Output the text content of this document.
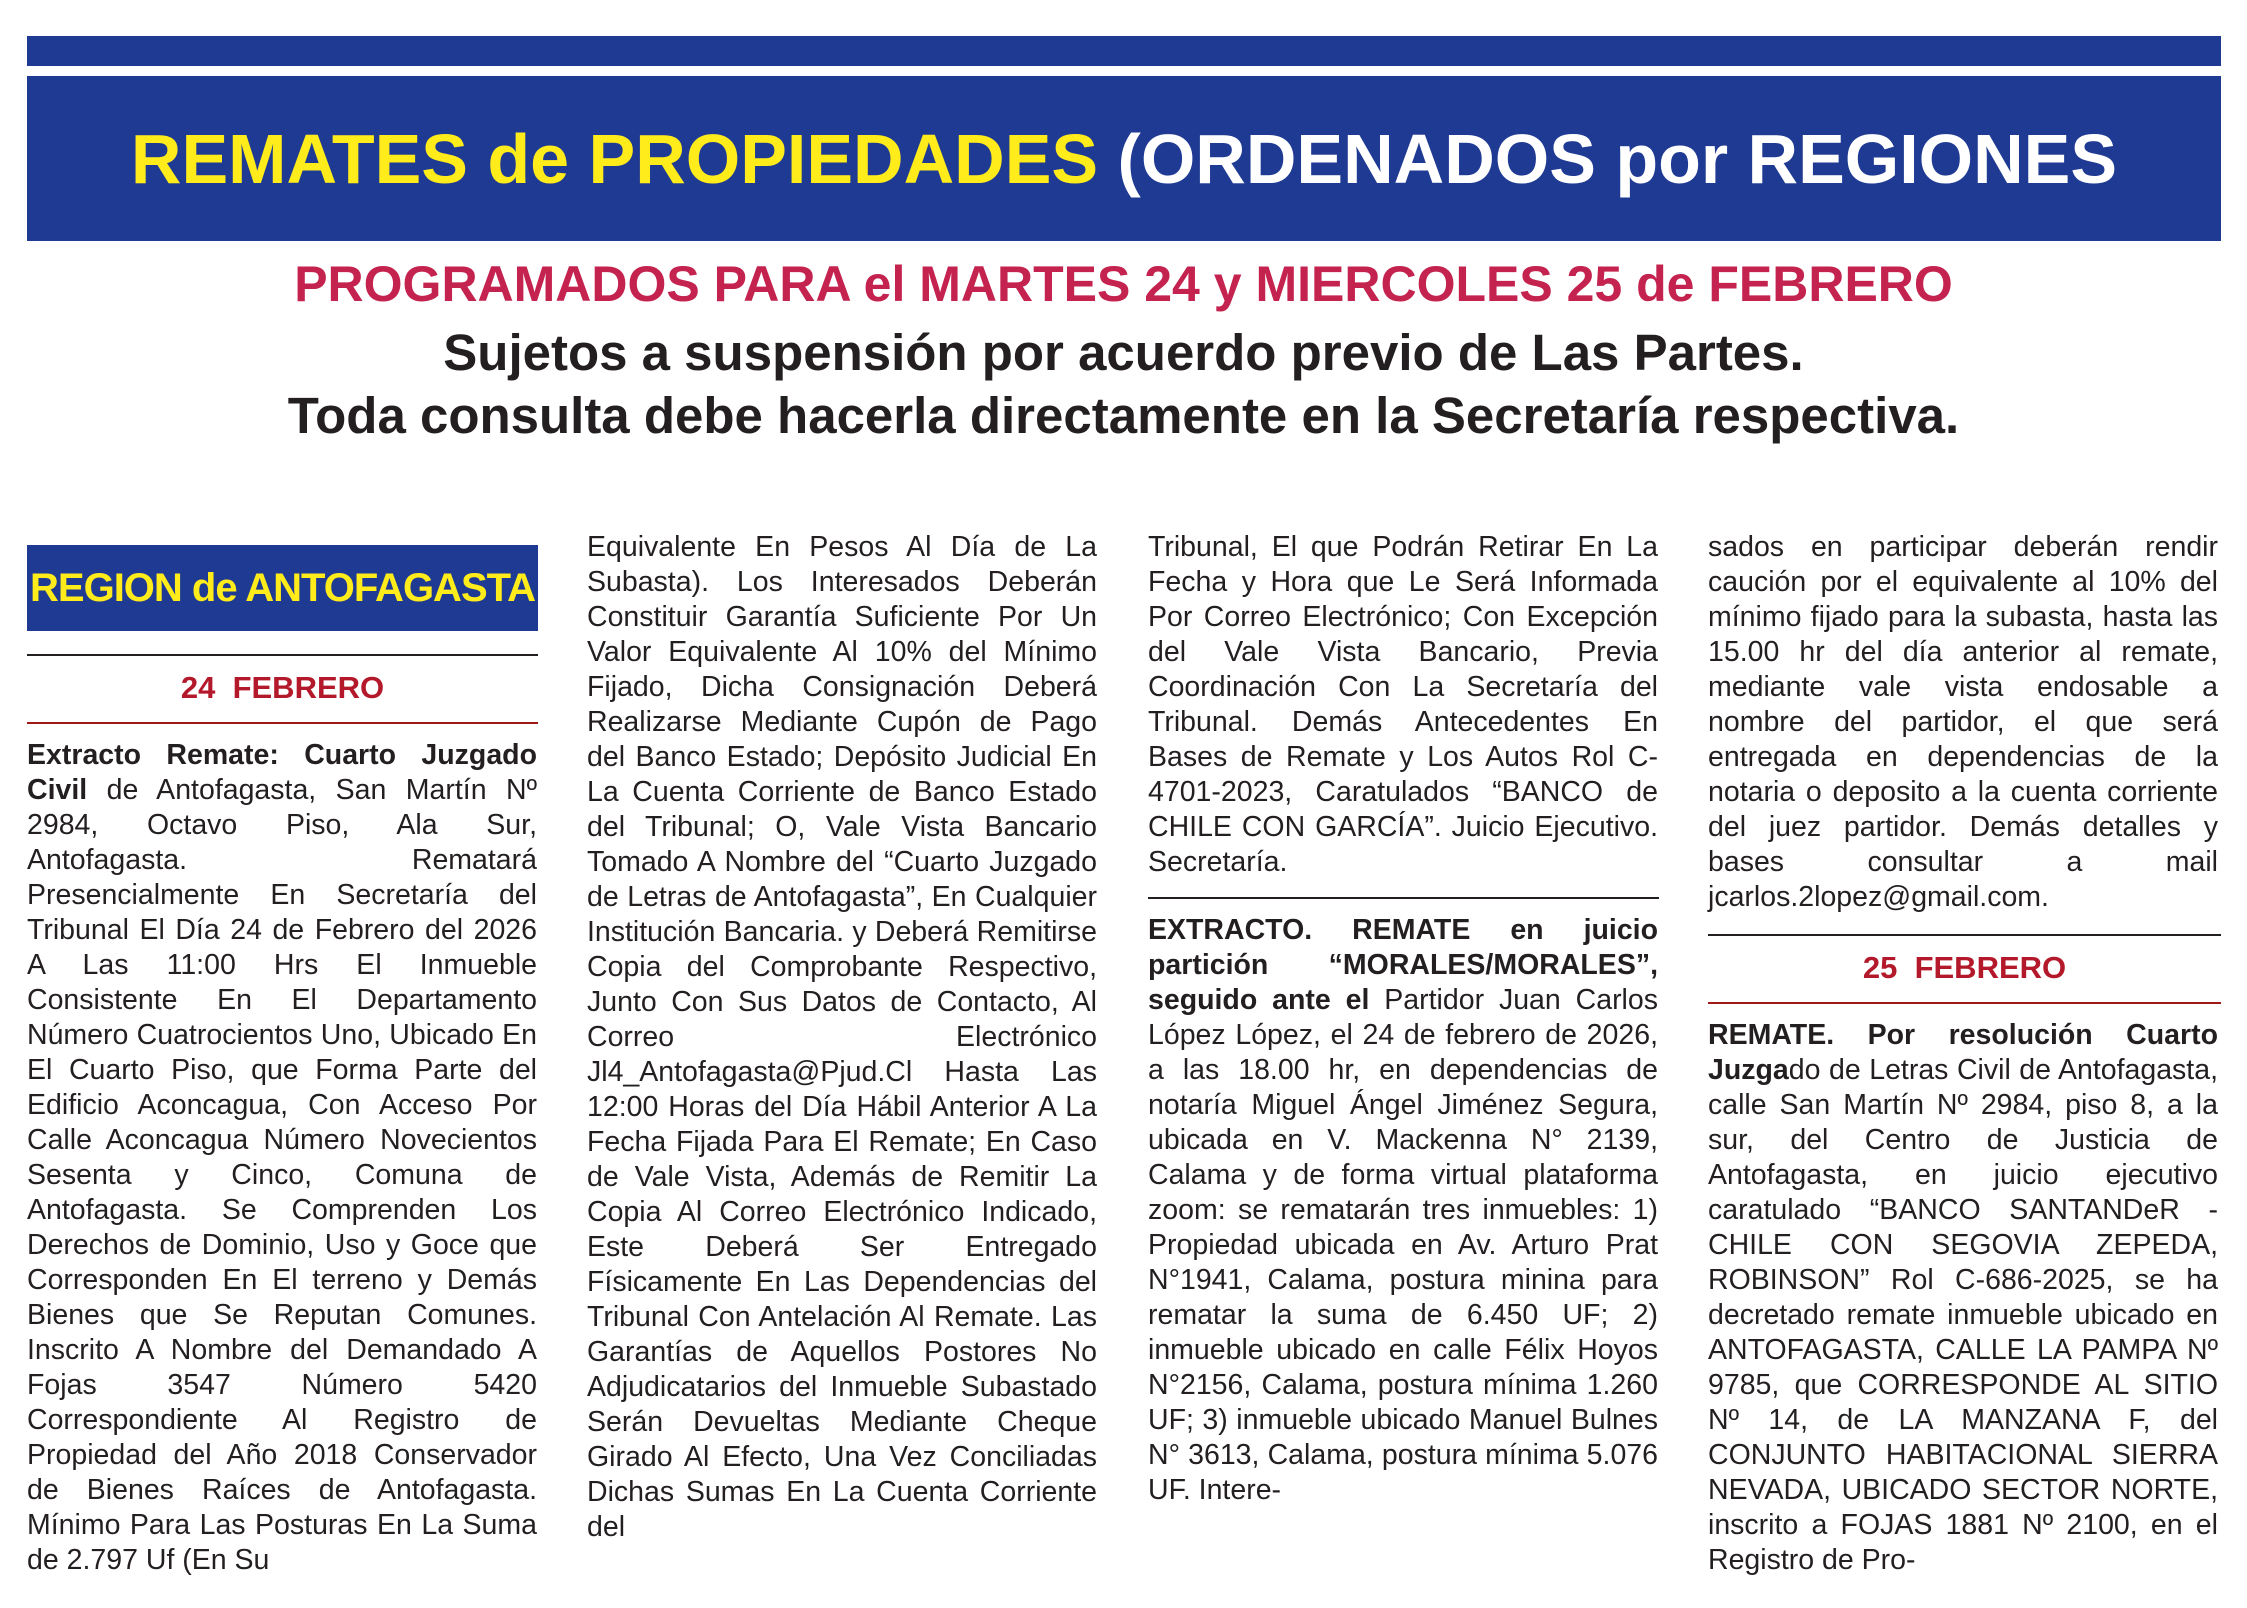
REMATES de PROPIEDADES
(ORDENADOS por REGIONES
PROGRAMADOS PARA el MARTES 24 y MIERCOLES 25 de FEBRERO
Sujetos a suspensión por acuerdo previo de Las Partes.
Toda consulta debe hacerla directamente en la Secretaría respectiva.
REGION de ANTOFAGASTA
24  FEBRERO

Extracto Remate: Cuarto Juzgado Civil de Antofagasta, San Martín Nº 2984, Octavo Piso, Ala Sur, Antofagasta. Rematará Presencialmente En Secretaría del Tribunal El Día 24 de Febrero del 2026 A Las 11:00 Hrs El Inmueble Consistente En El Departamento Número Cuatrocientos Uno, Ubicado En El Cuarto Piso, que Forma Parte del Edificio Aconcagua, Con Acceso Por Calle Aconcagua Número Novecientos Sesenta y Cinco, Comuna de Antofagasta. Se Comprenden Los Derechos de Dominio, Uso y Goce que Corresponden En El terreno y Demás Bienes que Se Reputan Comunes. Inscrito A Nombre del Demandado A Fojas 3547 Número 5420 Correspondiente Al Registro de Propiedad del Año 2018 Conservador de Bienes Raíces de Antofagasta. Mínimo Para Las Posturas En La Suma de 2.797 Uf (En Su

Equivalente En Pesos Al Día de La Subasta). Los Interesados Deberán Constituir Garantía Suficiente Por Un Valor Equivalente Al 10% del Mínimo Fijado, Dicha Consignación Deberá Realizarse Mediante Cupón de Pago del Banco Estado; Depósito Judicial En La Cuenta Corriente de Banco Estado del Tribunal; O, Vale Vista Bancario Tomado A Nombre del “Cuarto Juzgado de Letras de Antofagasta”, En Cualquier Institución Bancaria. y Deberá Remitirse Copia del Comprobante Respectivo, Junto Con Sus Datos de Contacto, Al Correo Electrónico Jl4_Antofagasta@Pjud.Cl Hasta Las 12:00 Horas del Día Hábil Anterior A La Fecha Fijada Para El Remate; En Caso de Vale Vista, Además de Remitir La Copia Al Correo Electrónico Indicado, Este Deberá Ser Entregado Físicamente En Las Dependencias del Tribunal Con Antelación Al Remate. Las Garantías de Aquellos Postores No Adjudicatarios del Inmueble Subastado Serán Devueltas Mediante Cheque Girado Al Efecto, Una Vez Conciliadas Dichas Sumas En La Cuenta Corriente del

Tribunal, El que Podrán Retirar En La Fecha y Hora que Le Será Informada Por Correo Electrónico; Con Excepción del Vale Vista Bancario, Previa Coordinación Con La Secretaría del Tribunal. Demás Antecedentes En Bases de Remate y Los Autos Rol C-4701-2023, Caratulados “BANCO de CHILE CON GARCÍA”. Juicio Ejecutivo. Secretaría.

EXTRACTO. REMATE en juicio partición “MORALES/MORALES”, seguido ante el Partidor Juan Carlos López López, el 24 de febrero de 2026, a las 18.00 hr, en dependencias de notaría Miguel Ángel Jiménez Segura, ubicada en V. Mackenna N° 2139, Calama y de forma virtual plataforma zoom: se rematarán tres inmuebles: 1) Propiedad ubicada en Av. Arturo Prat N°1941, Calama, postura minina para rematar la suma de 6.450 UF; 2) inmueble ubicado en calle Félix Hoyos N°2156, Calama, postura mínima 1.260 UF; 3) inmueble ubicado Manuel Bulnes N° 3613, Calama, postura mínima 5.076 UF. Intere-

sados en participar deberán rendir caución por el equivalente al 10% del mínimo fijado para la subasta, hasta las 15.00 hr del día anterior al remate, mediante vale vista endosable a nombre del partidor, el que será entregada en dependencias de la notaria o deposito a la cuenta corriente del juez partidor. Demás detalles y bases consultar a mail jcarlos.2lopez@gmail.com.

25  FEBRERO

REMATE. Por resolución Cuarto Juzgado de Letras Civil de Antofagasta, calle San Martín Nº 2984, piso 8, a la sur, del Centro de Justicia de Antofagasta, en juicio ejecutivo caratulado “BANCO SANTANDeR - CHILE CON SEGOVIA ZEPEDA, ROBINSON” Rol C-686-2025, se ha decretado remate inmueble ubicado en ANTOFAGASTA, CALLE LA PAMPA Nº 9785, que CORRESPONDE AL SITIO Nº 14, de LA MANZANA F, del CONJUNTO HABITACIONAL SIERRA NEVADA, UBICADO SECTOR NORTE, inscrito a FOJAS 1881 Nº 2100, en el Registro de Pro-
